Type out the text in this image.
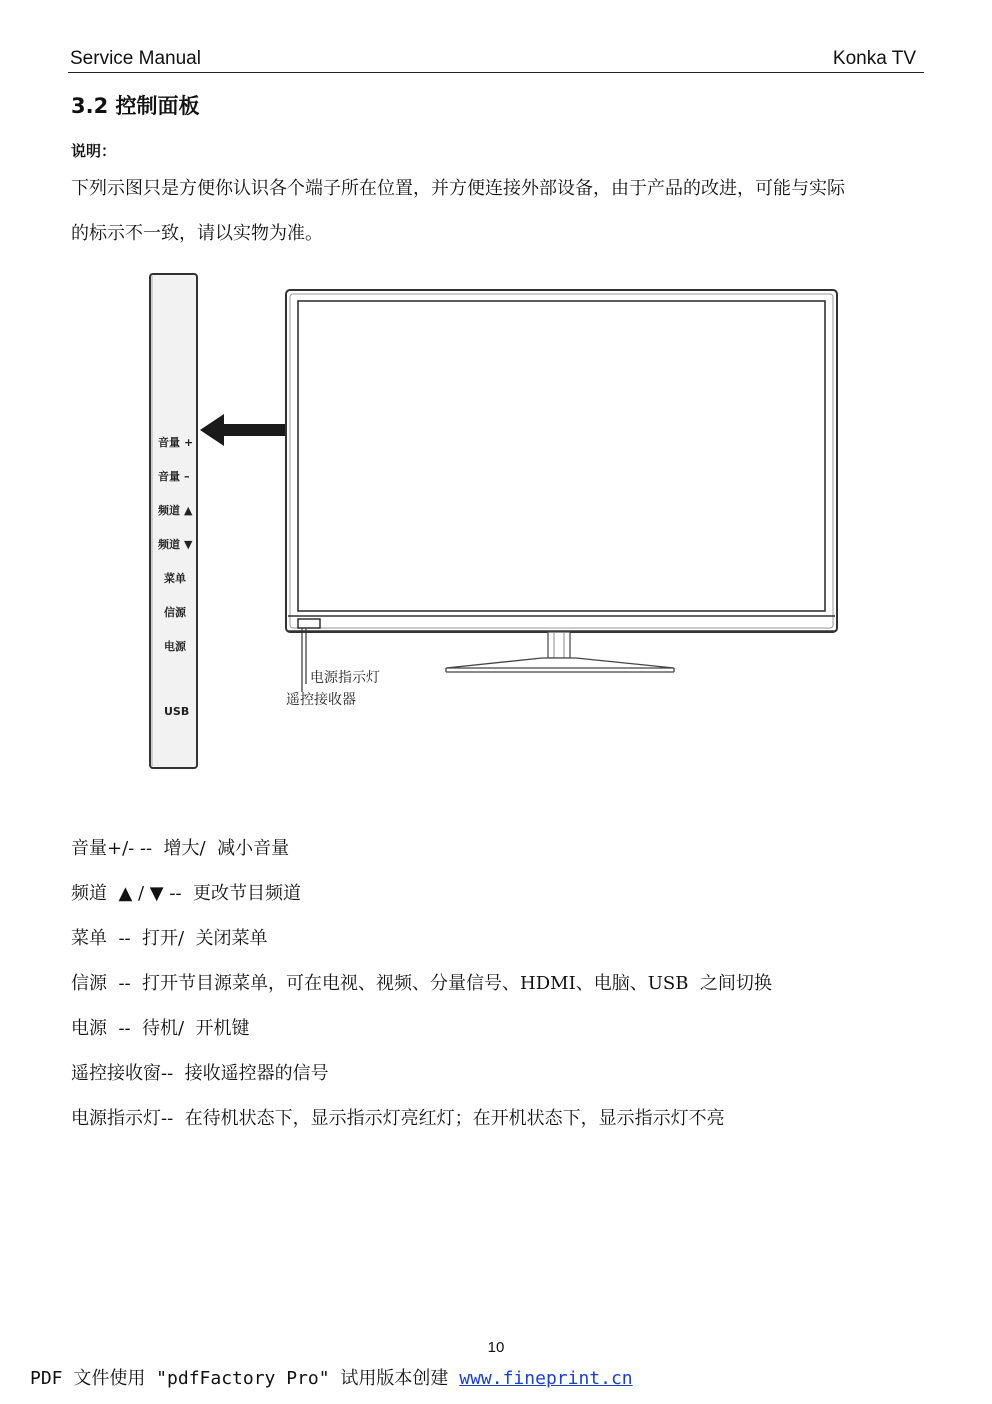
Service Manual	Konka TV
3.2 控制面板
说明：
下列示图只是方便你认识各个端子所在位置，并方便连接外部设备，由于产品的改进，可能与实际
的标示不一致，请以实物为准。
音量 +
音量 –
频道 ▲
频道 ▼
菜单
信源
电源
USB
电源指示灯
遥控接收器
音量+/- --  增大/  减小音量
频道  ▲ / ▼ --  更改节目频道
菜单  --  打开/  关闭菜单
信源  --  打开节目源菜单，可在电视、视频、分量信号、HDMI、电脑、USB  之间切换
电源  --  待机/  开机键
遥控接收窗--  接收遥控器的信号
电源指示灯--  在待机状态下，显示指示灯亮红灯；在开机状态下，显示指示灯不亮
10
PDF 文件使用 "pdfFactory Pro" 试用版本创建 www.fineprint.cn
